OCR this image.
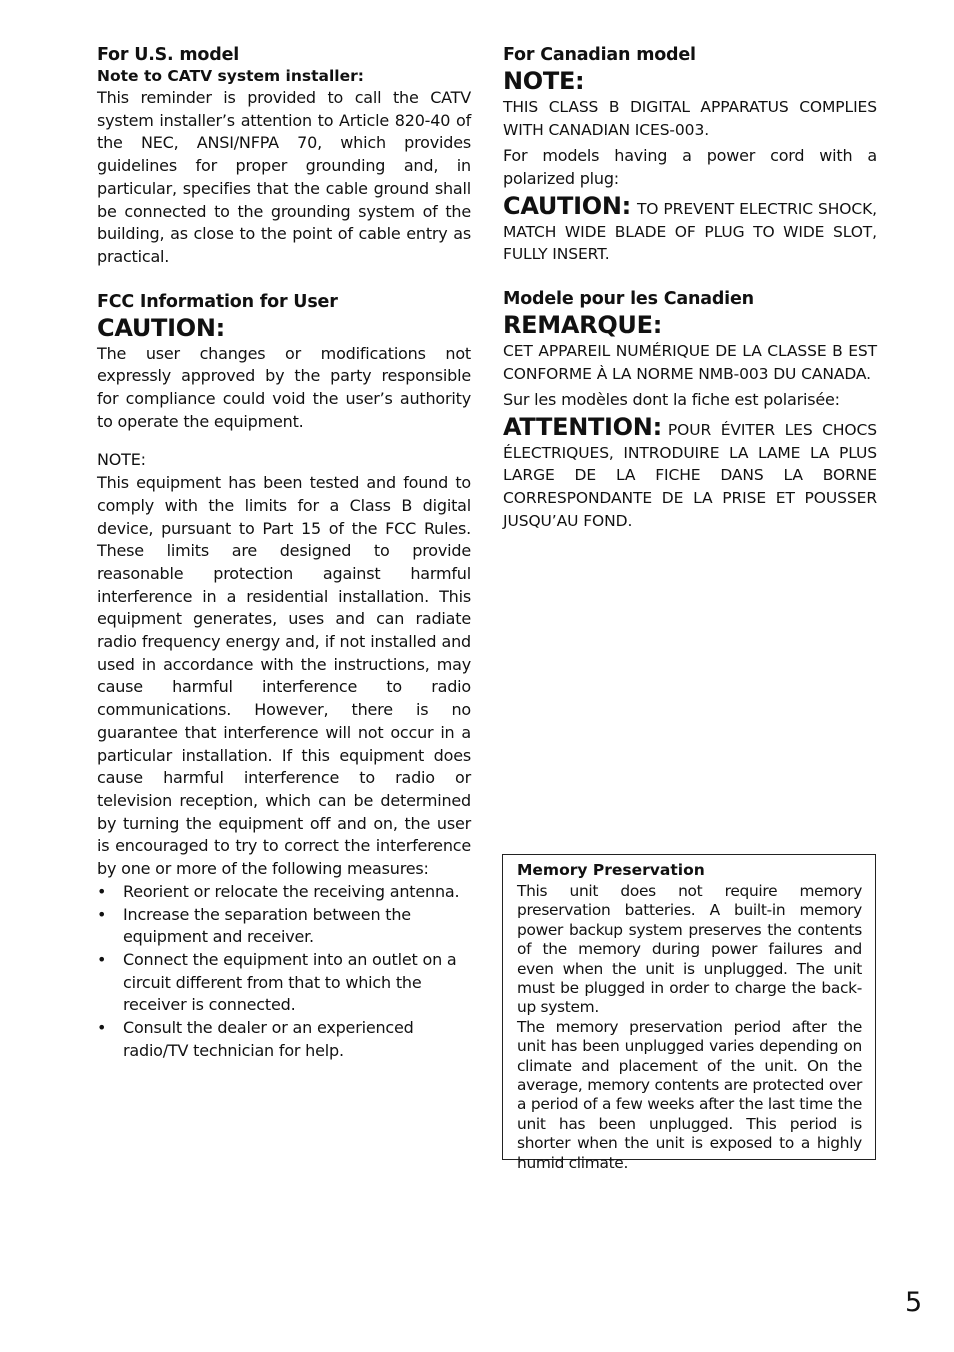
For U.S. model

Note to CATV system installer:

This reminder is provided to call the CATV system installer’s attention to Article 820-40 of the NEC, ANSI/NFPA 70, which provides guidelines for proper grounding and, in particular, specifies that the cable ground shall be connected to the grounding system of the building, as close to the point of cable entry as practical.

FCC Information for User

CAUTION:

The user changes or modifications not expressly approved by the party responsible for compliance could void the user’s authority to operate the equipment.

NOTE:

This equipment has been tested and found to comply with the limits for a Class B digital device, pursuant to Part 15 of the FCC Rules. These limits are designed to provide reasonable protection against harmful interference in a residential installation. This equipment generates, uses and can radiate radio frequency energy and, if not installed and used in accordance with the instructions, may cause harmful interference to radio communications. However, there is no guarantee that interference will not occur in a particular installation. If this equipment does cause harmful interference to radio or television reception, which can be determined by turning the equipment off and on, the user is encouraged to try to correct the interference by one or more of the following measures:

• Reorient or relocate the receiving antenna.
• Increase the separation between the equipment and receiver.
• Connect the equipment into an outlet on a circuit different from that to which the receiver is connected.
• Consult the dealer or an experienced radio/TV technician for help.

For Canadian model

NOTE:

THIS CLASS B DIGITAL APPARATUS COMPLIES WITH CANADIAN ICES-003.

For models having a power cord with a polarized plug:

CAUTION: TO PREVENT ELECTRIC SHOCK, MATCH WIDE BLADE OF PLUG TO WIDE SLOT, FULLY INSERT.

Modele pour les Canadien

REMARQUE:

CET APPAREIL NUMÉRIQUE DE LA CLASSE B EST CONFORME À LA NORME NMB-003 DU CANADA.

Sur les modèles dont la fiche est polarisée:

ATTENTION: POUR ÉVITER LES CHOCS ÉLECTRIQUES, INTRODUIRE LA LAME LA PLUS LARGE DE LA FICHE DANS LA BORNE CORRESPONDANTE DE LA PRISE ET POUSSER JUSQU’AU FOND.

Memory Preservation

This unit does not require memory preservation batteries. A built-in memory power backup system preserves the contents of the memory during power failures and even when the unit is unplugged. The unit must be plugged in order to charge the back-up system.

The memory preservation period after the unit has been unplugged varies depending on climate and placement of the unit. On the average, memory contents are protected over a period of a few weeks after the last time the unit has been unplugged. This period is shorter when the unit is exposed to a highly humid climate.

5
